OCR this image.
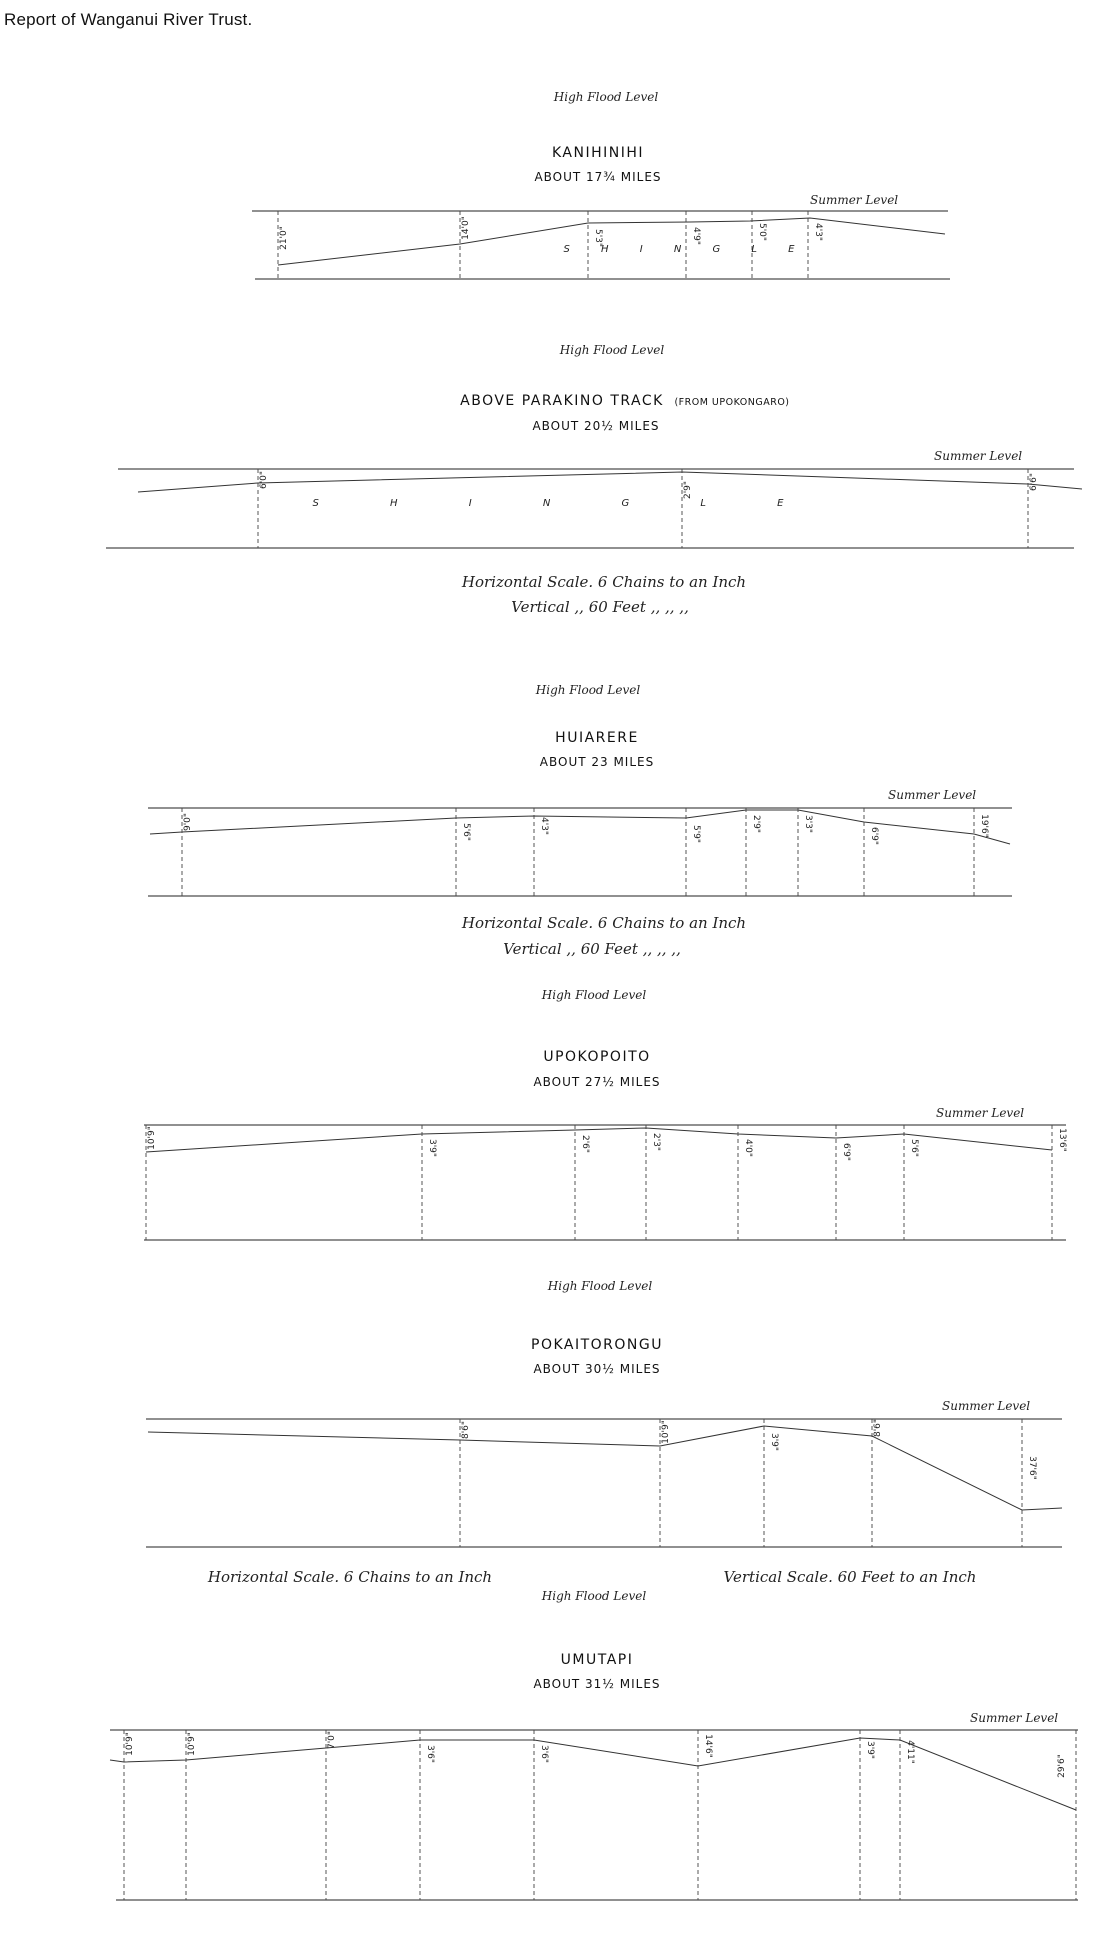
Report of Wanganui River Trust.
High Flood Level
KANIHINIHI
ABOUT 17¾ MILES
Summer Level
21'0"	14'0"	5'3"	4'9"	5'0"	4'3"
S H I N G L E
High Flood Level
ABOVE PARAKINO TRACK (FROM UPOKONGARO)
ABOUT 20½ MILES
Summer Level
6'0"
2'9"	6'6"
S H I N G L E
Horizontal Scale. 6 Chains to an Inch
Vertical ,, 60 Feet ,, ,, ,,
High Flood Level
HUIARERE
ABOUT 23 MILES
Summer Level
9'0"
5'6"	4'3"	5'9"
2'9"	3'3"
6'9"	19'6"
Horizontal Scale. 6 Chains to an Inch
Vertical ,, 60 Feet ,, ,, ,,
High Flood Level
UPOKOPOITO
ABOUT 27½ MILES
Summer Level
10'9"	3'9"	2'6"	2'3"	4'0"	6'9"	5'6"	13'6"
High Flood Level
POKAITORONGU
ABOUT 30½ MILES
Summer Level
8'6"	10'9"	3'9"
8'6"
37'6"
Horizontal Scale. 6 Chains to an Inch	Vertical Scale. 60 Feet to an Inch
High Flood Level
UMUTAPI
ABOUT 31½ MILES
Summer Level
10'9"	10'9"	7'0"
3'6"	3'6"	14'6"	3'9"	4'11"
29'6"
